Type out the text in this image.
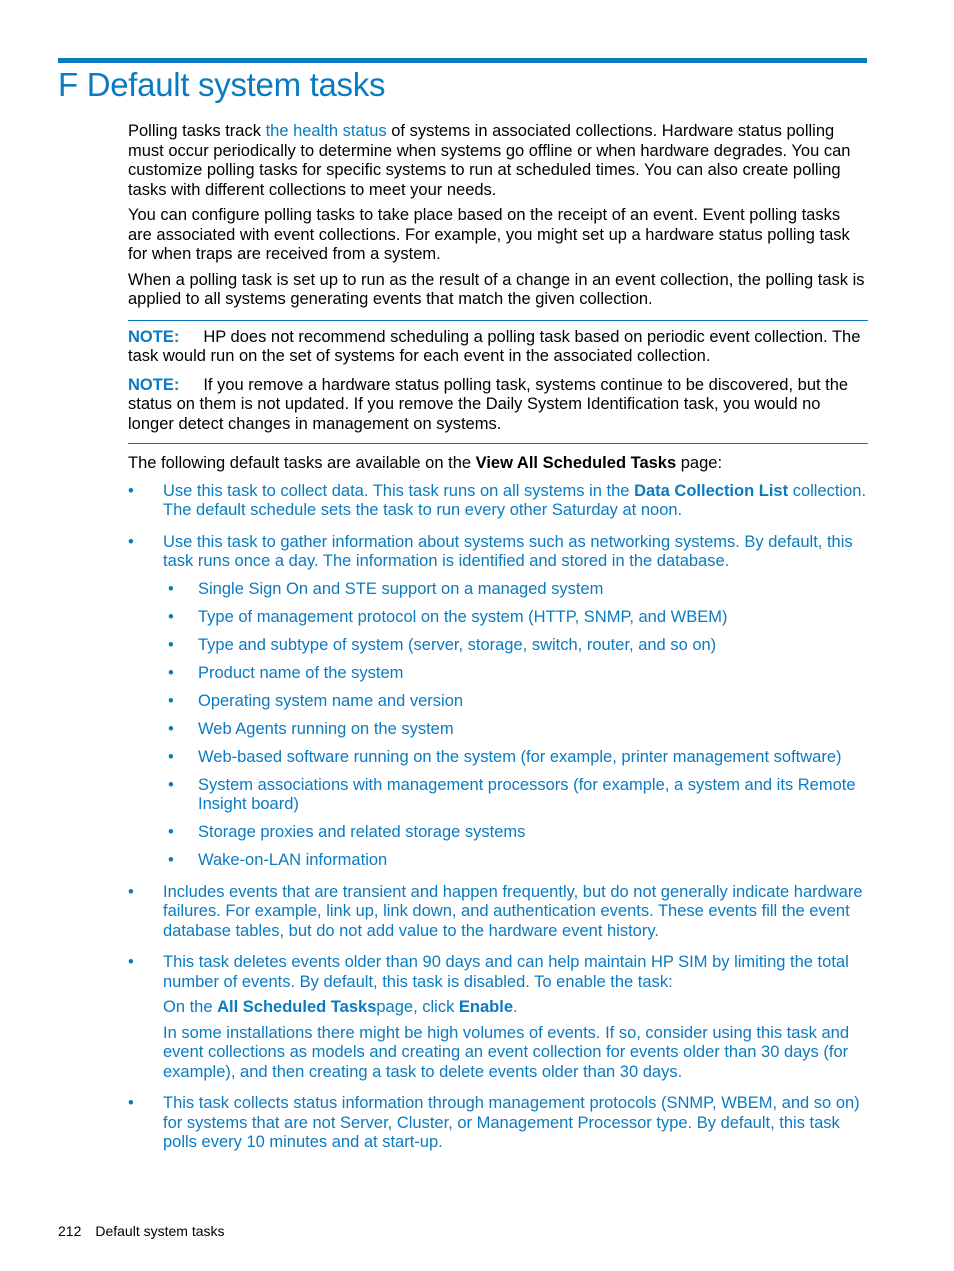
F Default system tasks

Polling tasks track the health status of systems in associated collections. Hardware status polling must occur periodically to determine when systems go offline or when hardware degrades. You can customize polling tasks for specific systems to run at scheduled times. You can also create polling tasks with different collections to meet your needs.

You can configure polling tasks to take place based on the receipt of an event. Event polling tasks are associated with event collections. For example, you might set up a hardware status polling task for when traps are received from a system.

When a polling task is set up to run as the result of a change in an event collection, the polling task is applied to all systems generating events that match the given collection.

NOTE: HP does not recommend scheduling a polling task based on periodic event collection. The task would run on the set of systems for each event in the associated collection.

NOTE: If you remove a hardware status polling task, systems continue to be discovered, but the status on them is not updated. If you remove the Daily System Identification task, you would no longer detect changes in management on systems.

The following default tasks are available on the View All Scheduled Tasks page:

• Use this task to collect data. This task runs on all systems in the Data Collection List collection. The default schedule sets the task to run every other Saturday at noon.
• Use this task to gather information about systems such as networking systems. By default, this task runs once a day. The information is identified and stored in the database.
• Single Sign On and STE support on a managed system
• Type of management protocol on the system (HTTP, SNMP, and WBEM)
• Type and subtype of system (server, storage, switch, router, and so on)
• Product name of the system
• Operating system name and version
• Web Agents running on the system
• Web-based software running on the system (for example, printer management software)
• System associations with management processors (for example, a system and its Remote Insight board)
• Storage proxies and related storage systems
• Wake-on-LAN information
• Includes events that are transient and happen frequently, but do not generally indicate hardware failures. For example, link up, link down, and authentication events. These events fill the event database tables, but do not add value to the hardware event history.
• This task deletes events older than 90 days and can help maintain HP SIM by limiting the total number of events. By default, this task is disabled. To enable the task:
On the All Scheduled Taskspage, click Enable.
In some installations there might be high volumes of events. If so, consider using this task and event collections as models and creating an event collection for events older than 30 days (for example), and then creating a task to delete events older than 30 days.
• This task collects status information through management protocols (SNMP, WBEM, and so on) for systems that are not Server, Cluster, or Management Processor type. By default, this task polls every 10 minutes and at start-up.
212 Default system tasks
